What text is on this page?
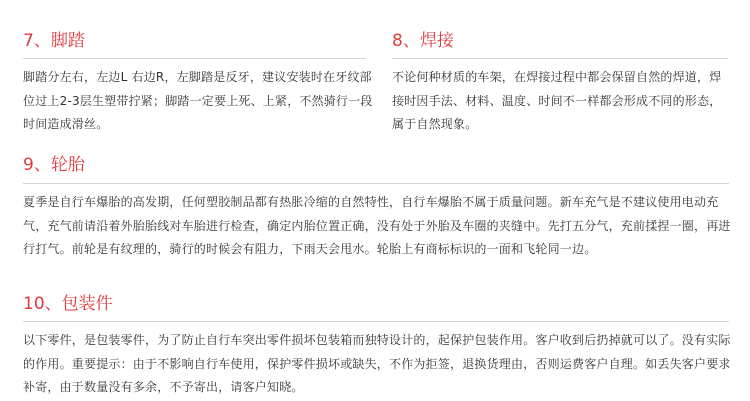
7、脚踏

脚踏分左右，左边L 右边R，左脚踏是反牙，建议安装时在牙纹部位过上2-3层生塑带拧紧；脚踏一定要上死、上紧，不然骑行一段时间造成滑丝。

8、焊接

不论何种材质的车架，在焊接过程中都会保留自然的焊道，焊接时因手法、材料、温度、时间不一样都会形成不同的形态，属于自然现象。

9、轮胎

夏季是自行车爆胎的高发期，任何塑胶制品都有热胀冷缩的自然特性，自行车爆胎不属于质量问题。新车充气是不建议使用电动充气，充气前请沿着外胎胎线对车胎进行检查，确定内胎位置正确，没有处于外胎及车圈的夹缝中。先打五分气，充前揉捏一圈，再进行打气。前轮是有纹理的，骑行的时候会有阻力，下雨天会甩水。轮胎上有商标标识的一面和飞轮同一边。

10、包装件

以下零件，是包装零件，为了防止自行车突出零件损坏包装箱而独特设计的，起保护包装作用。客户收到后扔掉就可以了。没有实际的作用。重要提示：由于不影响自行车使用，保护零件损坏或缺失，不作为拒签，退换货理由，否则运费客户自理。如丢失客户要求补寄，由于数量没有多余，不予寄出，请客户知晓。
